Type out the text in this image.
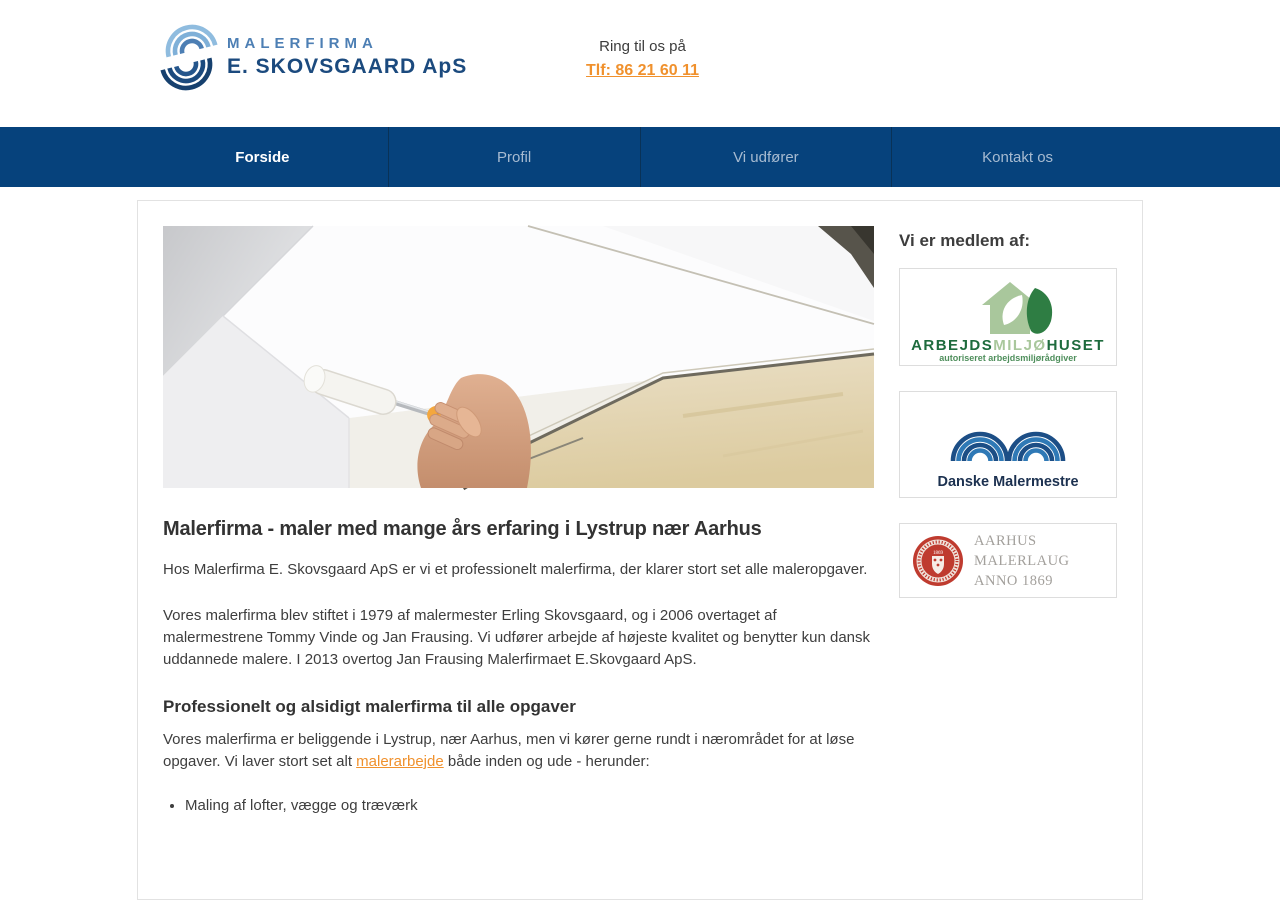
MALERFIRMA
E. SKOVSGAARD ApS
Ring til os på
Tlf: 86 21 60 11
Forside	Profil	Vi udfører	Kontakt os
Malerfirma - maler med mange års erfaring i Lystrup nær Aarhus

Hos Malerfirma E. Skovsgaard ApS er vi et professionelt malerfirma, der klarer stort set alle maleropgaver.

Vores malerfirma blev stiftet i 1979 af malermester Erling Skovsgaard, og i 2006 overtaget af malermestrene Tommy Vinde og Jan Frausing. Vi udfører arbejde af højeste kvalitet og benytter kun dansk uddannede malere. I 2013 overtog Jan Frausing Malerfirmaet E.Skovgaard ApS.

Professionelt og alsidigt malerfirma til alle opgaver

Vores malerfirma er beliggende i Lystrup, nær Aarhus, men vi kører gerne rundt i nærområdet for at løse opgaver. Vi laver stort set alt malerarbejde både inden og ude - herunder:

• Maling af lofter, vægge og træværk
Vi er medlem af:
ARBEJDSMILJØHUSET
autoriseret arbejdsmiljørådgiver
Danske Malermestre
1869
AARHUS MALERLAUG
ANNO 1869
